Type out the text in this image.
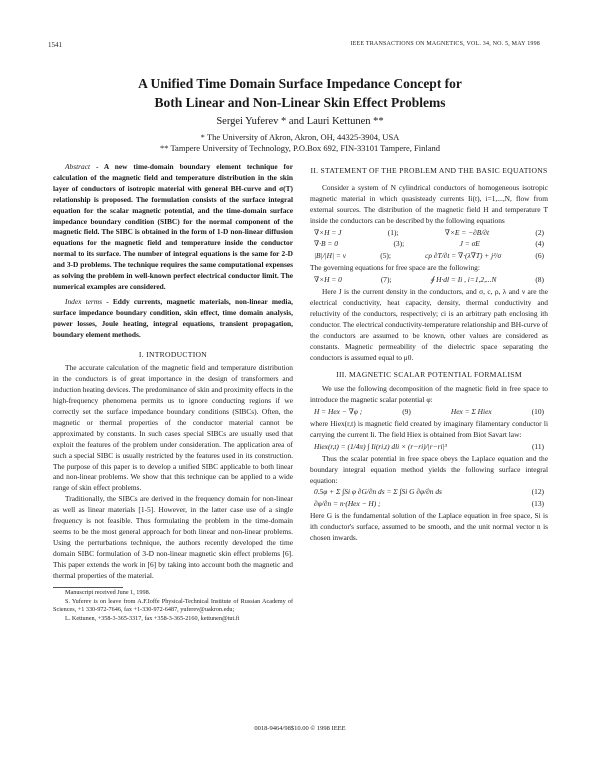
1541	IEEE TRANSACTIONS ON MAGNETICS, VOL. 34, NO. 5, MAY 1998
A Unified Time Domain Surface Impedance Concept for
Both Linear and Non-Linear Skin Effect Problems
Sergei Yuferev * and Lauri Kettunen **
* The University of Akron, Akron, OH, 44325-3904, USA
** Tampere University of Technology, P.O.Box 692, FIN-33101 Tampere, Finland

Abstract - A new time-domain boundary element technique for calculation of the magnetic field and temperature distribution in the skin layer of conductors of isotropic material with general BH-curve and σ(T) relationship is proposed. The formulation consists of the surface integral equation for the scalar magnetic potential, and the time-domain surface impedance boundary condition (SIBC) for the normal component of the magnetic field. The SIBC is obtained in the form of 1-D non-linear diffusion equations for the magnetic field and temperature inside the conductor normal to its surface. The number of integral equations is the same for 2-D and 3-D problems. The technique requires the same computational expenses as solving the problem in well-known perfect electrical conductor limit. The numerical examples are considered.

Index terms - Eddy currents, magnetic materials, non-linear media, surface impedance boundary condition, skin effect, time domain analysis, power losses, Joule heating, integral equations, transient propagation, boundary element methods.

I. INTRODUCTION

The accurate calculation of the magnetic field and temperature distribution in the conductors is of great importance in the design of transformers and induction heating devices. The predominance of skin and proximity effects in the high-frequency phenomena permits us to ignore conducting regions if we correctly set the surface impedance boundary conditions (SIBCs). Often, the magnetic or thermal properties of the conductor material cannot be approximated by constants. In such cases special SIBCs are usually used that exploit the features of the problem under consideration. The application area of such a special SIBC is usually restricted by the features used in its construction. The purpose of this paper is to develop a unified SIBC applicable to both linear and non-linear problems. We show that this technique can be applied to a wide range of skin effect problems.

Traditionally, the SIBCs are derived in the frequency domain for non-linear as well as linear materials [1-5]. However, in the latter case use of a single frequency is not feasible. Thus formulating the problem in the time-domain seems to be the most general approach for both linear and non-linear problems. Using the perturbations technique, the authors recently developed the time domain SIBC formulation of 3-D non-linear magnetic skin effect problems [6]. This paper extends the work in [6] by taking into account both the magnetic and thermal properties of the material.

Manuscript received June 1, 1998.

S. Yuferev is on leave from A.F.Ioffe Physical-Technical Institute of Russian Academy of Sciences, +1 330-972-7646, fax +1-330-972-6487, yuferev@uakron.edu;

L. Kettunen, +358-3-365-3317, fax +358-3-365-2160, kettunen@tut.fi

II. STATEMENT OF THE PROBLEM AND THE BASIC EQUATIONS

Consider a system of N cylindrical conductors of homogeneous isotropic magnetic material in which quasisteady currents Ii(t), i=1,...,N, flow from external sources. The distribution of the magnetic field H and temperature T inside the conductors can be described by the following equations

∇×H = J	(1);	∇×E = −∂B/∂t	(2)
∇·B = 0	(3);	J = σE	(4)
|B|/|H| = ν	(5);	cρ ∂T/∂t = ∇·(λ∇T) + j²/σ	(6)

The governing equations for free space are the following:

∇×H = 0	(7);	∮ H·dl = Ii , i=1,2,...N	(8)

Here J is the current density in the conductors, and σ, c, ρ, λ and ν are the electrical conductivity, heat capacity, density, thermal conductivity and reluctivity of the conductors, respectively; ci is an arbitrary path enclosing ith conductor. The electrical conductivity-temperature relationship and BH-curve of the conductors are assumed to be known, other values are considered as constants. Magnetic permeability of the dielectric space separating the conductors is assumed equal to μ0.

III. MAGNETIC SCALAR POTENTIAL FORMALISM

We use the following decomposition of the magnetic field in free space to introduce the magnetic scalar potential φ:

H = Hex − ∇φ ;	(9)	Hex = Σ Hiex	(10)

where Hiex(r,t) is magnetic field created by imaginary filamentary conductor li carrying the current Ii. The field Hiex is obtained from Biot Savart law:

Hiex(r,t) = (1/4π) ∫ Ii(ri,t) dli × (r−ri)/|r−ri|³	(11)

Thus the scalar potential in free space obeys the Laplace equation and the boundary integral equation method yields the following surface integral equation:

0.5φ + Σ ∫Si φ ∂G/∂n ds = Σ ∫Si G ∂φ/∂n ds	(12)
∂φ/∂n = n·(Hex − H) ;	(13)

Here G is the fundamental solution of the Laplace equation in free space, Si is ith conductor's surface, assumed to be smooth, and the unit normal vector n is chosen inwards.

0018-9464/98$10.00 © 1998 IEEE
